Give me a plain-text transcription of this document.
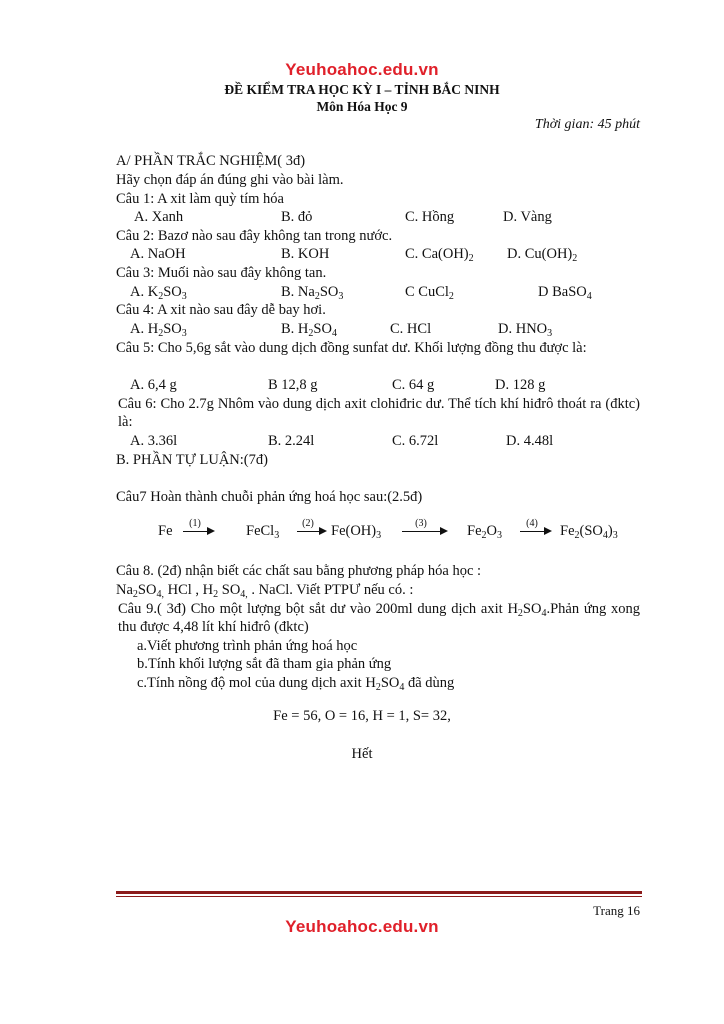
Yeuhoahoc.edu.vn
ĐỀ KIỂM TRA HỌC KỲ I – TỈNH BẮC NINH
Môn Hóa Học 9
Thời gian: 45 phút
A/ PHẦN TRẮC NGHIỆM( 3đ)
Hãy chọn đáp án đúng ghi vào bài làm.
Câu 1: A xit làm quỳ tím hóa
A. Xanh	B. đỏ	C. Hồng	D. Vàng
Câu 2: Bazơ nào sau đây không tan trong nước.
A. NaOH	B. KOH	C. $Ca(OH)_2$ D. $Cu(OH)_2$
Câu 3: Muối nào sau đây không tan.
A. $K_2SO_3$	B. $Na_2SO_3$	C CuCl$_2$	D BaSO$_4$
Câu 4: A xit nào sau đây dễ bay hơi.
A. $H_2SO_3$	B. $H_2SO_4$	C. HCl	D. $HNO_3$
Câu 5: Cho 5,6g sắt vào dung dịch đồng sunfat dư. Khối lượng đồng thu được là:
A. 6,4 g	B 12,8 g	C. 64 g	D. 128 g
Câu 6: Cho 2.7g Nhôm vào dung dịch axit clohiđric dư. Thể tích khí hiđrô thoát ra (đktc) là:
A. 3.36l	B. 2.24l	C. 6.72l	D. 4.48l
B. PHẦN TỰ LUẬN:(7đ)
Câu7 Hoàn thành chuỗi phản ứng hoá học sau:(2.5đ)
Fe	(1)	FeCl$_3$
(2)	$Fe(OH)_3$
(3)	$Fe_2O_3$
(4)	$Fe_2(SO_4)_3$
Câu 8. (2đ) nhận biết các chất sau bằng phương pháp hóa học :
$Na_2SO_{4,}$ HCl , $H_2$ $SO_{4,}$ . NaCl. Viết PTPƯ nếu có. :
Câu 9.( 3đ) Cho một lượng bột sắt dư vào 200ml dung dịch axit $H_2SO_4.Phản$ ứng xong thu được 4,48 lít khí hiđrô (đktc)
a.Viết phương trình phản ứng hoá học
b.Tính khối lượng sắt đã tham gia phản ứng
c.Tính nồng độ mol của dung dịch axit $H_2SO_4$ đã dùng
Fe = 56, O = 16, H = 1, S= 32,
Hết
Trang 16
Yeuhoahoc.edu.vn
